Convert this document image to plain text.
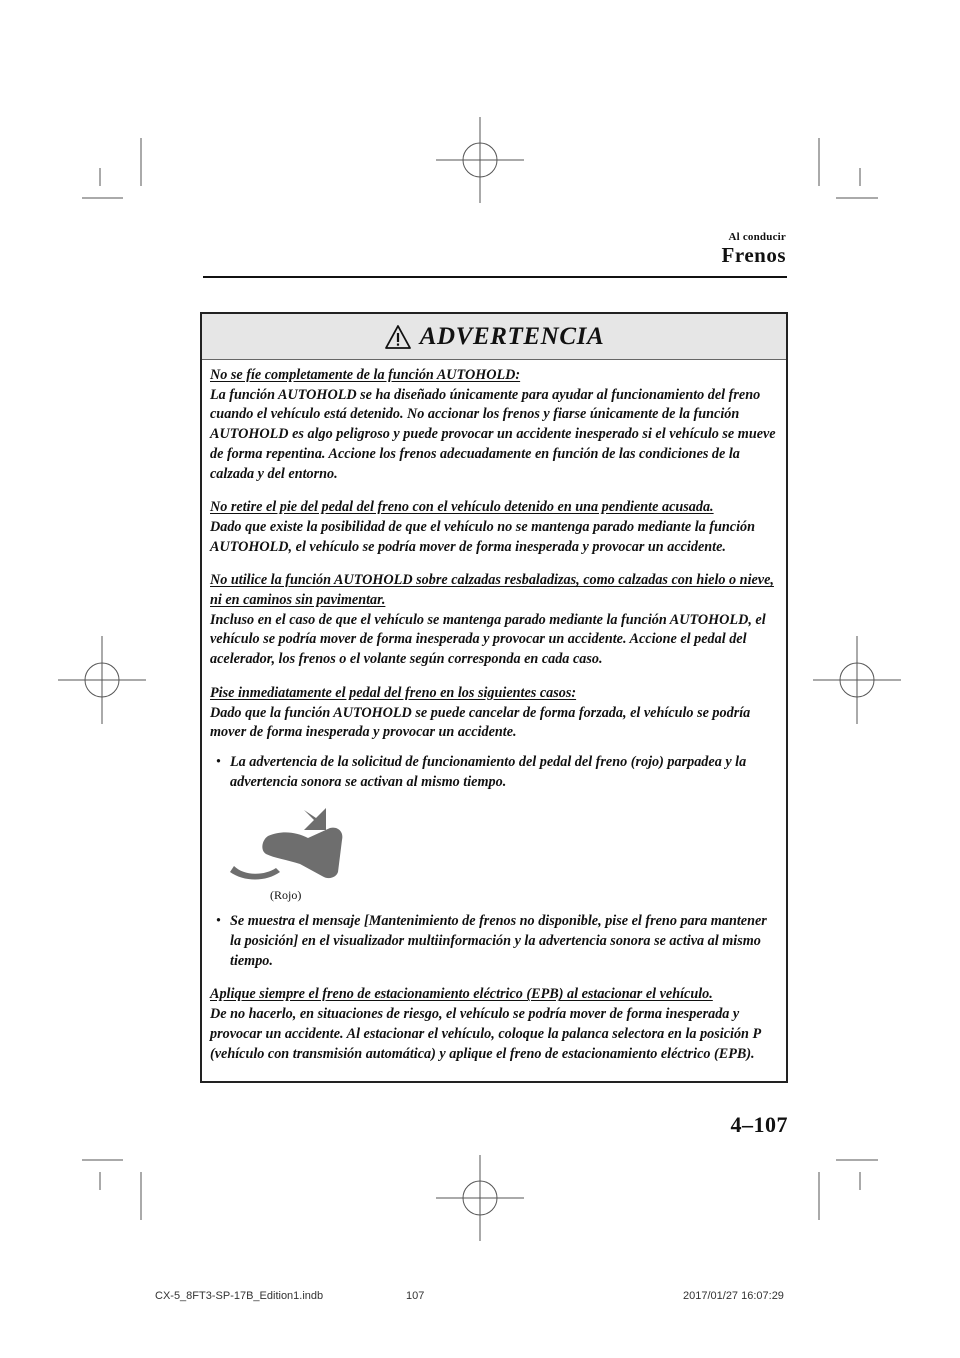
Al conducir
Frenos
ADVERTENCIA

No se fíe completamente de la función AUTOHOLD:
La función AUTOHOLD se ha diseñado únicamente para ayudar al funcionamiento del freno cuando el vehículo está detenido. No accionar los frenos y fiarse únicamente de la función AUTOHOLD es algo peligroso y puede provocar un accidente inesperado si el vehículo se mueve de forma repentina. Accione los frenos adecuadamente en función de las condiciones de la calzada y del entorno.

No retire el pie del pedal del freno con el vehículo detenido en una pendiente acusada.
Dado que existe la posibilidad de que el vehículo no se mantenga parado mediante la función AUTOHOLD, el vehículo se podría mover de forma inesperada y provocar un accidente.

No utilice la función AUTOHOLD sobre calzadas resbaladizas, como calzadas con hielo o nieve, ni en caminos sin pavimentar.
Incluso en el caso de que el vehículo se mantenga parado mediante la función AUTOHOLD, el vehículo se podría mover de forma inesperada y provocar un accidente. Accione el pedal del acelerador, los frenos o el volante según corresponda en cada caso.

Pise inmediatamente el pedal del freno en los siguientes casos:
Dado que la función AUTOHOLD se puede cancelar de forma forzada, el vehículo se podría mover de forma inesperada y provocar un accidente.

• La advertencia de la solicitud de funcionamiento del pedal del freno (rojo) parpadea y la advertencia sonora se activan al mismo tiempo.
(Rojo)
• Se muestra el mensaje [Mantenimiento de frenos no disponible, pise el freno para mantener la posición] en el visualizador multiinformación y la advertencia sonora se activa al mismo tiempo.

Aplique siempre el freno de estacionamiento eléctrico (EPB) al estacionar el vehículo.
De no hacerlo, en situaciones de riesgo, el vehículo se podría mover de forma inesperada y provocar un accidente. Al estacionar el vehículo, coloque la palanca selectora en la posición P (vehículo con transmisión automática) y aplique el freno de estacionamiento eléctrico (EPB).

4–107
CX-5_8FT3-SP-17B_Edition1.indb	107	2017/01/27 16:07:29
